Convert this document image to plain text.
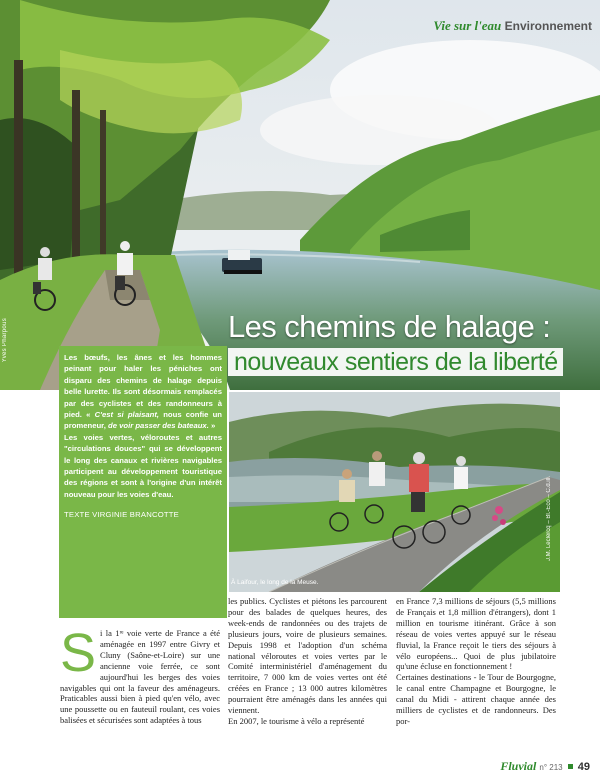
Yves Pharpous
Vie sur l'eau Environnement
Les chemins de halage :
nouveaux sentiers de la liberté

Les bœufs, les ânes et les hommes peinant pour haler les péniches ont disparu des chemins de halage depuis belle lurette. Ils sont désormais remplacés par des cyclistes et des randonneurs à pied. « C'est si plaisant, nous confie un promeneur, de voir passer des bateaux. »

Les voies vertes, véloroutes et autres "circulations douces" qui se développent le long des canaux et rivières navigables participent au développement touristique des régions et sont à l'origine d'un intérêt nouveau pour les voies d'eau.

TEXTE VIRGINIE BRANCOTTE

À Laifour, le long de la Meuse.
J.M. Leclercq – Bl.-Eco – C.d.ill.
S i la 1ʳᵉ voie verte de France a été aménagée en 1997 entre Givry et Cluny (Saône-et-Loire) sur une ancienne voie ferrée, ce sont aujourd'hui les berges des voies navigables qui ont la faveur des aménageurs. Praticables aussi bien à pied qu'en vélo, avec une poussette ou en fauteuil roulant, ces voies balisées et sécurisées sont adaptées à tous

les publics. Cyclistes et piétons les parcourent pour des balades de quelques heures, des week-ends de randonnées ou des trajets de plusieurs jours, voire de plusieurs semaines. Depuis 1998 et l'adoption d'un schéma national véloroutes et voies vertes par le Comité interministériel d'aménagement du territoire, 7 000 km de voies vertes ont été créées en France ; 13 000 autres kilomètres pourraient être aménagés dans les années qui viennent.

En 2007, le tourisme à vélo a représenté

en France 7,3 millions de séjours (5,5 millions de Français et 1,8 million d'étrangers), dont 1 million en tourisme itinérant. Grâce à son réseau de voies vertes appuyé sur le réseau fluvial, la France reçoit le tiers des séjours à vélo européens... Quoi de plus jubilatoire qu'une écluse en fonctionnement !

Certaines destinations - le Tour de Bourgogne, le canal entre Champagne et Bourgogne, le canal du Midi - attirent chaque année des milliers de cyclistes et de randonneurs. Des por-

Fluvial n° 213 49
